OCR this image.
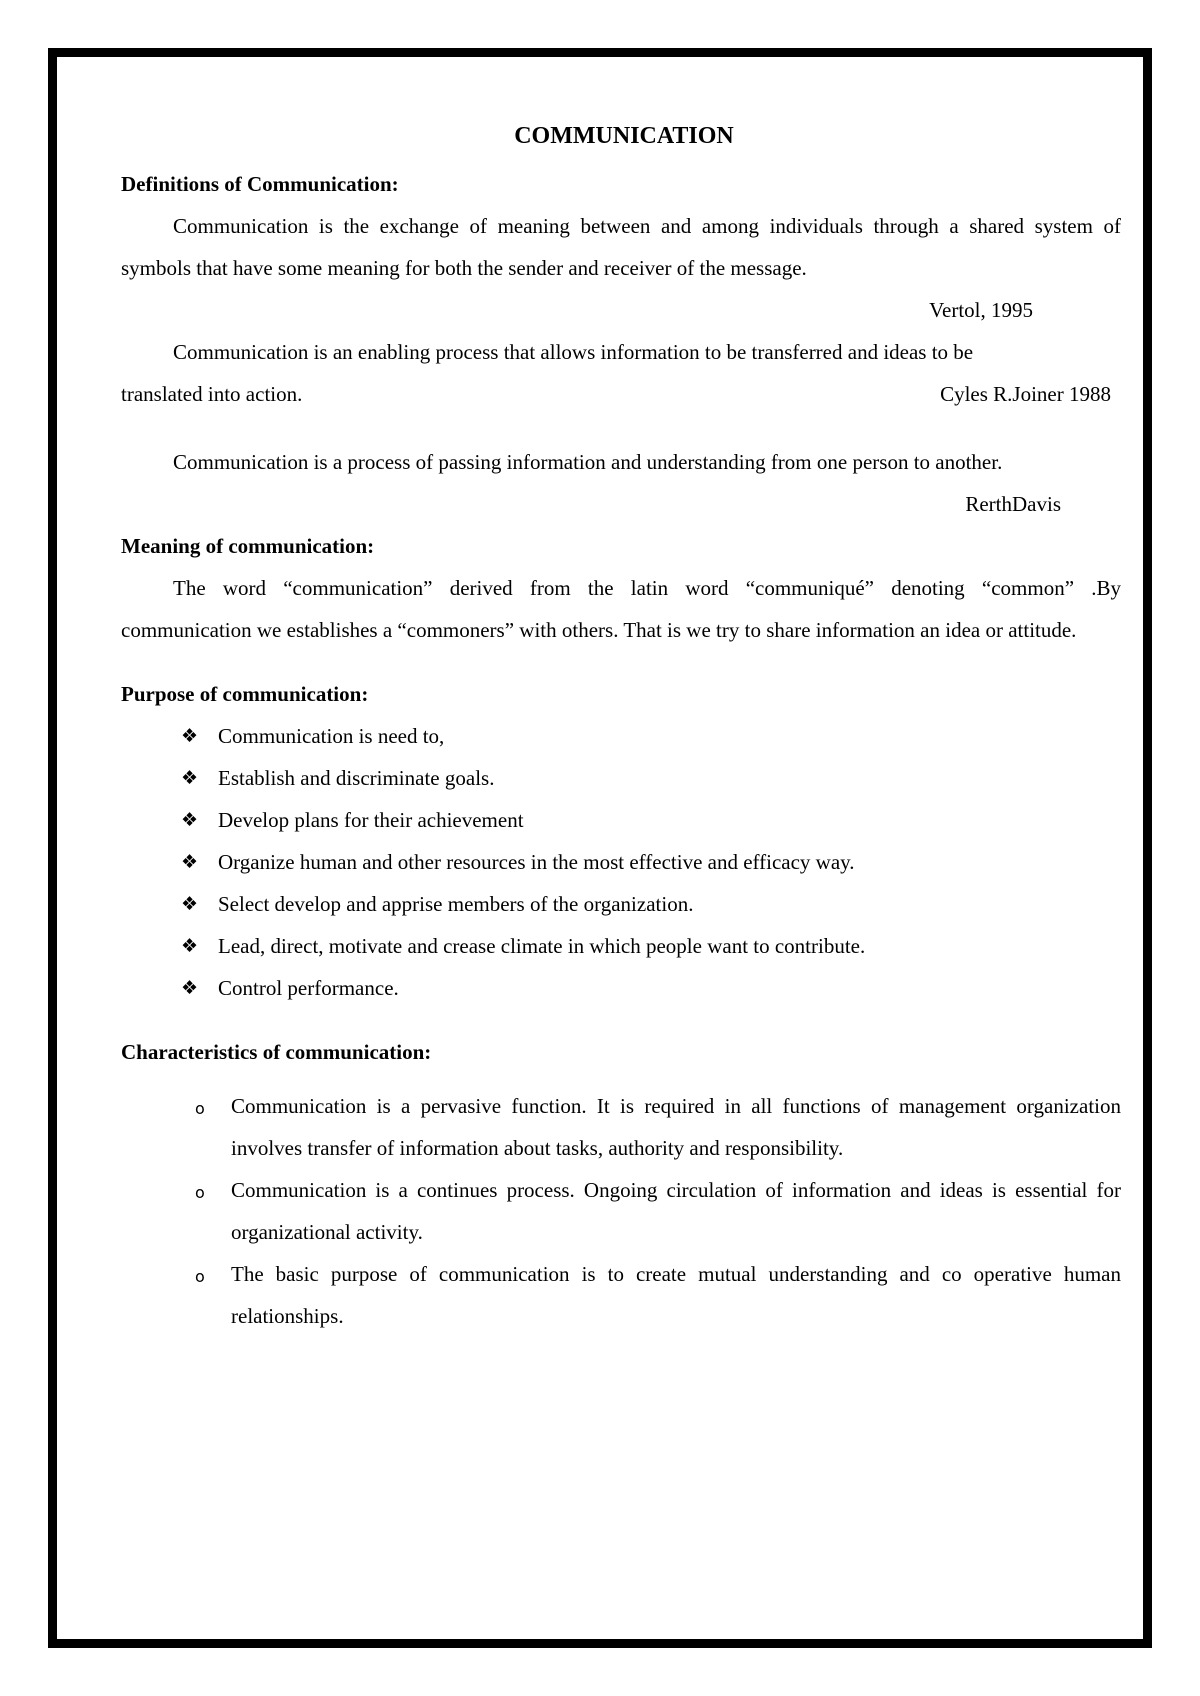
COMMUNICATION
Definitions of Communication:

Communication is the exchange of meaning between and among individuals through a shared system of symbols that have some meaning for both the sender and receiver of the message.

Vertol, 1995

Communication is an enabling process that allows information to be transferred and ideas to be

translated into action.	Cyles R.Joiner 1988

Communication is a process of passing information and understanding from one person to another.

RerthDavis

Meaning of communication:

The word “communication” derived from the latin word “communiqué” denoting “common” .By communication we establishes a “commoners” with others. That is we try to share information an idea or attitude.

Purpose of communication:
❖ Communication is need to,
❖ Establish and discriminate goals.
❖ Develop plans for their achievement
❖ Organize human and other resources in the most effective and efficacy way.
❖ Select develop and apprise members of the organization.
❖ Lead, direct, motivate and crease climate in which people want to contribute.
❖ Control performance.
Characteristics of communication:
o Communication is a pervasive function. It is required in all functions of management organization involves transfer of information about tasks, authority and responsibility.
o Communication is a continues process. Ongoing circulation of information and ideas is essential for organizational activity.
o The basic purpose of communication is to create mutual understanding and co operative human relationships.
